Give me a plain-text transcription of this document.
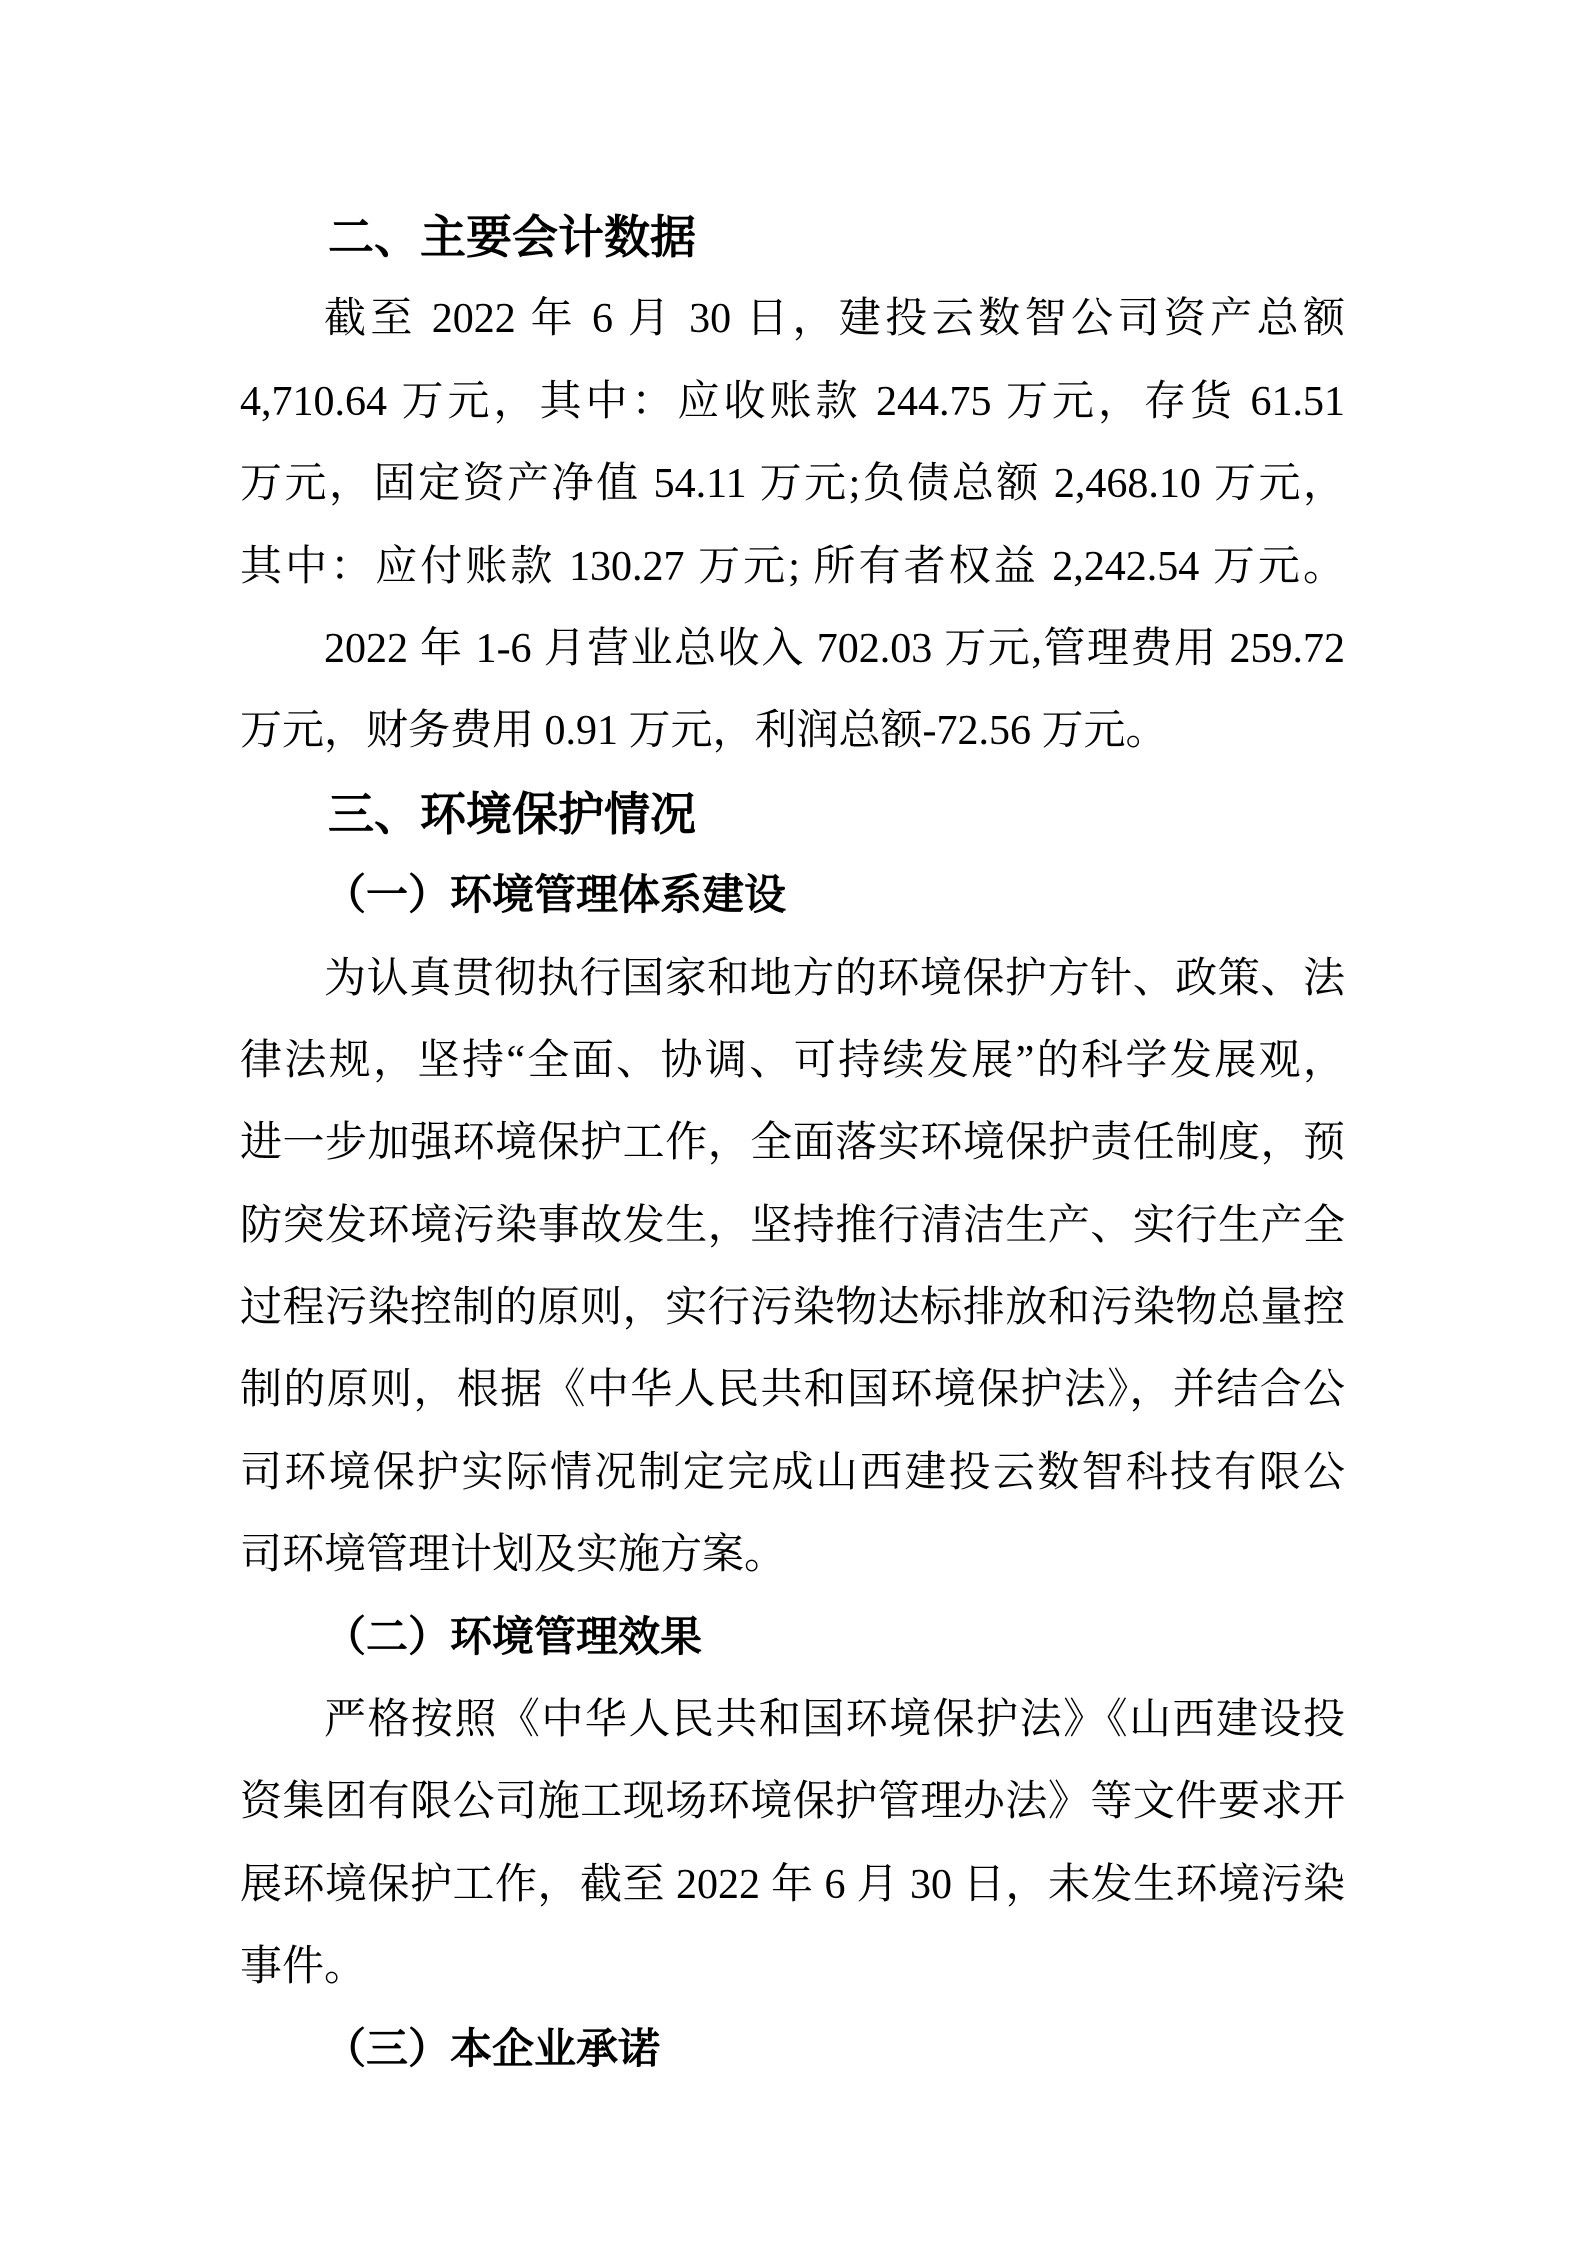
二、主要会计数据
截至 2022 年 6 月 30 日，建投云数智公司资产总额
4,710.64 万元，其中：应收账款 244.75 万元，存货 61.51
万元，固定资产净值 54.11 万元;负债总额 2,468.10 万元，
其中：应付账款 130.27 万元; 所有者权益 2,242.54 万元。
2022 年 1-6 月营业总收入 702.03 万元,管理费用 259.72
万元，财务费用 0.91 万元，利润总额-72.56 万元。
三、环境保护情况
（一）环境管理体系建设
为认真贯彻执行国家和地方的环境保护方针、政策、法
律法规，坚持“全面、协调、可持续发展”的科学发展观，
进一步加强环境保护工作，全面落实环境保护责任制度，预
防突发环境污染事故发生，坚持推行清洁生产、实行生产全
过程污染控制的原则，实行污染物达标排放和污染物总量控
制的原则，根据《中华人民共和国环境保护法》，并结合公
司环境保护实际情况制定完成山西建投云数智科技有限公
司环境管理计划及实施方案。
（二）环境管理效果
严格按照《中华人民共和国环境保护法》《山西建设投
资集团有限公司施工现场环境保护管理办法》等文件要求开
展环境保护工作，截至 2022 年 6 月 30 日，未发生环境污染
事件。
（三）本企业承诺
